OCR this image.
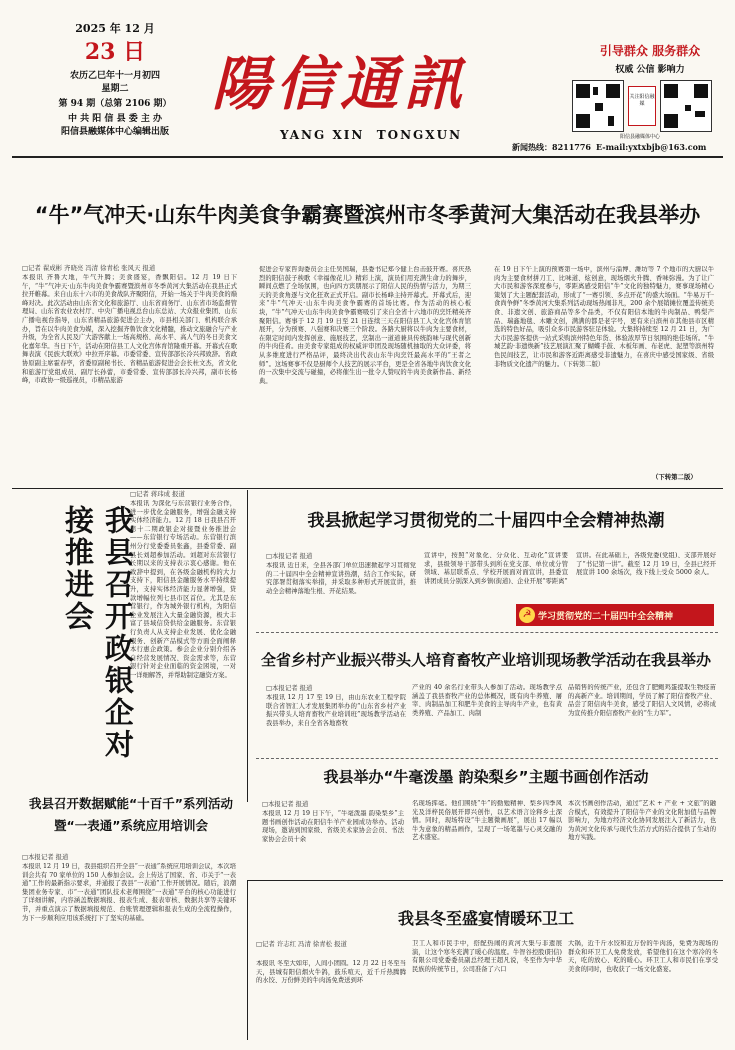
2025 年 12 月
23 日
农历乙巳年十一月初四
星期二
第 94 期（总第 2106 期）
中 共 阳 信 县 委 主 办
阳信县融媒体中心编辑出版
陽信通訊
YANG XIN  TONGXUN
引导群众 服务群众
权威 公信 影响力
关注阳信融媒
阳信县融媒体中心
新闻热线：8211776 E-mail:yxtxbjb@163.com
“牛”气冲天·山东牛肉美食争霸赛暨滨州市冬季黄河大集活动在我县举办
□记者 翟成彬 齐晓亮 冯清 徐青松 张风天 报道
本报讯 齐鲁大地，牛气升腾；美食盛宴，香飘阳信。12 月 19 日下午，“牛”气冲天·山东牛肉美食争霸赛暨滨州市冬季黄河大集活动在我县正式拉开帷幕。来自山东十六市的美食战队齐聚阳信，开始一场关于牛肉美食的巅峰对决。此次活动由山东省文化和旅游厅、山东省商务厅、山东省市场监督管理局、山东省农业农村厅、中央广播电视总台山东总站、大众报业集团、山东广播电视台指导，山东省精品旅游促进会主办，市县相关部门、机构联合承办，旨在以牛肉美食为媒，深入挖掘齐鲁饮食文化精髓，推动文旅融合与产业升级，为全省人民及广大游客献上一场高规格、高水平、高人气的冬日美食文化嘉年华。当日下午，活动在阳信县工人文化宫体育馆隆重开幕。开幕式在歌舞表演《民族大联欢》中拉开序幕。市委常委、宣传部部长冷兴邦致辞。省政协原副主席霍春亭，省委原副秘书长、省精品旅游促进会会长杜文杰，省文化和旅游厅党组成员、副厅长孙蕾，市委常委、宣传部部长冷兴邦，副市长杨峰，市政协一级巡视员，市精品旅游
促进会专家咨询委员会主任吴国瑞，县委书记郑今健上台击鼓开赛。喜庆热烈的阳信鼓子秧歌《幸福像花儿》精彩上演，演员们用充满生命力的舞步，瞬间点燃了全场氛围，也向四方宾朋展示了阳信人民的热情与活力，为期三天的美食角逐与文化狂欢正式开启。副市长杨峰主持开幕式。开幕式后，迎来“牛”气冲天·山东牛肉美食争霸赛的首场比赛。作为活动的核心板块，“牛”气冲天·山东牛肉美食争霸赛吸引了来自全省十六地市的烹饪精英齐聚阳信。赛事于 12 月 19 日至 21 日连续三天在阳信县工人文化宫体育馆展开，分为预赛、八强赛和决赛三个阶段。各路大厨将以牛肉为主要食材，在限定时间内发挥创意、施展技艺，烹制出一道道兼具传统韵味与现代创新的牛肉佳肴。由美食专家组成的权威评审团及现场随机抽取的大众评委，将从多维度进行严格品评，最终决出代表山东牛肉烹饪最高水平的“王者之师”。这场赛事不仅是厨师个人技艺的展示平台，更是全省各地牛肉饮食文化的一次集中交流与碰撞，必将催生出一批令人赞叹的牛肉美食新作品、新经典。
在 19 日下午上演的预赛第一场中，滨州与淄博、潍坊等 7 个地市的大厨以牛肉为主要食材拼刀工、比味道、炫创意，现场烟火升腾、香味弥漫。为了让广大市民和游客深度参与，零距离感受阳信“牛”文化的独特魅力，赛事现场精心策划了大主题配套活动，形成了“一赛引领、多点开花”的盛大场面。“牛易万千·食尚争鲜”冬季黄河大集系列活动现场热闹非凡，200 余个展销摊位覆盖传统美食、非遗文创、旅游商品等多个品类，不仅有阳信本地的牛肉制品、鸭梨产品、瑞鑫地毯、木雕文创，满满的都是老字号，更有来自滨州市其他县市区精选的特色好品，吸引众多市民游客驻足体验。大集将持续至 12 月 21 日，为广大市民游客提供一站式采购滨州特色年货、体验浓厚节日氛围的绝佳场所。“牛城艺韵·非遗焕新”技艺展演汇聚了蝴蝶手鼓、木板年画、布老虎、泥塑等滨州特色民间技艺，让市民和游客近距离感受非遗魅力，在喜庆中感受国家级、省级非物质文化遗产的魅力。（下转第二版）
（下转第二版）
我县召开政银企对接推进会
□记者 蒋玮成 报道
本报讯 为深化与东营银行业务合作，进一步优化金融服务，增强金融支持实体经济能力。12 月 18 日我县召开第十二期政银企对接暨业务推进会——东营银行专场活动。东营银行滨州分行党委委员张鑫，县委常委、副县长刘超参加活动。刘超对东营银行长期以来的支持表示衷心感谢。他在致辞中提到，在各级金融机构的大力支持下，阳信县金融服务水平持续提升，支持实体经济能力显著增强，贷款增幅位列七县市区首位。尤其是东营银行，作为城外银行机构，为阳信企业发展注入大量金融资源，极大丰富了县域信贷供给金融服务。东营银行负责人从支持企业发展、优化金融服务、创新产品模式等方面全面阐释本行惠企政策。参会企业分别介绍各自经营发展情况、资金需求等，东营银行针对企业面临的资金困境，一对一详细解答，并帮助制定融资方案。
我县掀起学习贯彻党的二十届四中全会精神热潮
□本报记者 报道
本报讯 近日来，全县各部门单位迅速掀起学习贯彻党的二十届四中全会精神宣讲热潮，结合工作实际，研究部署贯彻落实举措，并采取多种形式开展宣讲，推动全会精神落地生根、开花结果。
宣讲中，按照“对象化、分众化、互动化”宣讲要求，县级领导干部带头到所在党支部、单位或分管领域、基层联系点、学校开展面对面宣讲，县委宣讲团成员分别深入到乡镇(街道)、企业开展“零距离”
宣讲。在此基础上，各级党委(党组)、支部开展好了“书记第一讲”。截至 12 月 19 日，全县已经开展宣讲 100 余场次，线下线上受众 5000 余人。
☭ 学习贯彻党的二十届四中全会精神
全省乡村产业振兴带头人培育畜牧产业培训现场教学活动在我县举办
□本报记者 报道
本报讯 12 月 17 至 19 日，由山东农业工程学院联合省智汇人才发展集团举办的“山东省乡村产业振兴带头人培育畜牧产业培训班”现场教学活动在我县举办，来自全省各地畜牧
产业的 40 余名行业带头人参加了活动。现场教学点涵盖了我县畜牧产业的总体概况，既有肉牛养殖、屠宰、肉制品加工和肥牛美食的主导肉牛产业，也有黄类养殖、产品加工、肉制
品销售的传统产业，还包含了肥鲍鸡蛋提取生物疫苗的高新产业。培训期间，学员了解了阳信畜牧产业、品尝了阳信肉牛美食，感受了阳信人文风情，必将成为宣传推介阳信畜牧产业的“生力军”。
我县举办“牛毫泼墨 韵染梨乡”主题书画创作活动
□本报记者 报道
本报讯 12 月 19 日下午，“牛毫泼墨 韵染梨乡”主题书画创作活动在阳信牛羊产业园成功举办。活动现场，邀请到国家级、省级美术家协会会员、书法家协会会员十余
名现场挥毫。他们围绕“牛”的勤勉精神、梨乡四季风光及洋梓民俗展开即兴创作，以艺术语言诠释乡土深情。同时，现场特设“牛主题微画展”，展出 17 幅以牛为意象的精品画作，呈现了一场笔墨与心灵交融的艺术盛宴。
本次书画创作活动，通过“艺术 + 产业 + 文旅”的融合模式，有效提升了阳信牛产业的文化附加值与品牌影响力，为地方经济文化协同发展注入了新活力，也为黄河文化传承与现代生活方式的结合提供了生动的地方实践。
我县召开数据赋能“十百千”系列活动
暨“一表通”系统应用培训会
□本报记者 报道
本报讯 12 月 19 日，我县组织召开全县“一表通”系统应用培训会议，本次培训会共有 70 家单位的 150 人参加会议。会上传达了国家、省、市关于“一表通”工作的最新指示要求，并通报了我县“一表通”工作开展情况。随后，浪潮集团业务专家、市“一表通”团队技术老师围绕“一表通”平台的核心功能进行了详细讲解，内容涵盖数据填报、报表生成、报表审核、数据共享等关键环节，并重点演示了数据填报规范、台账管理逻辑和报表生成的全流程操作，为下一步顺利应用该系统打下了坚实的基础。	我县冬至盛宴情暖环卫工
□记者 许志红 冯清 徐青松 报道
本报讯 冬至大如年，人间小团圆。12 月 22 日冬至当天，县城有阳信烟火牛鸽，鼓乐喧天，近千斤热腾腾的水饺、万份鲜美的牛肉汤免费送到环
卫工人和市民手中，搭配热闹的黄河大集与非遗展演，让这个寒冬充满了暖心的温度。牛智谷控股(阳信)有限公司党委委员副总经理王超凡说，冬至作为中华民族的传统节日，公司准备了六口
大锅，近千斤水饺和近万份的牛肉汤，免费为现场的群众和环卫工人免费发放，希望他们在这个寒冷的冬天，吃的放心、吃的暖心。环卫工人和市民们在享受美食的同时，也收获了一场文化盛宴。
